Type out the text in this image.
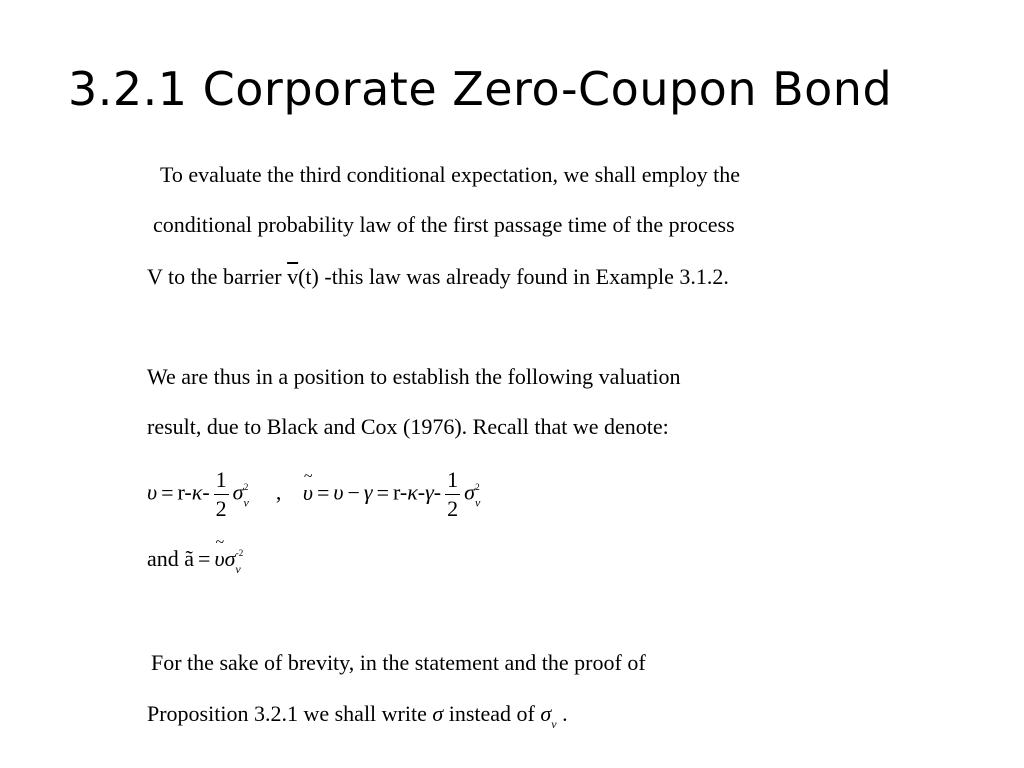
3.2.1 Corporate Zero-Coupon Bond

To evaluate the third conditional expectation, we shall employ the

conditional probability law of the first passage time of the process

V to the barrier $\overline{v}(t)$ -this law was already found in Example 3.1.2.

We are thus in a position to establish the following valuation

result, due to Black and Cox (1976). Recall that we denote:

$\upsilon = r-\kappa- \frac{1}{2} \sigma_v^2$ , ~ $\upsilon = \upsilon - \gamma = r-\kappa-\gamma- \frac{1}{2} \sigma_v^2$
and ã = ~ $\upsilon\sigma_v^{-2}$

For the sake of brevity, in the statement and the proof of

Proposition 3.2.1 we shall write σ instead of $\sigma_v$ .
